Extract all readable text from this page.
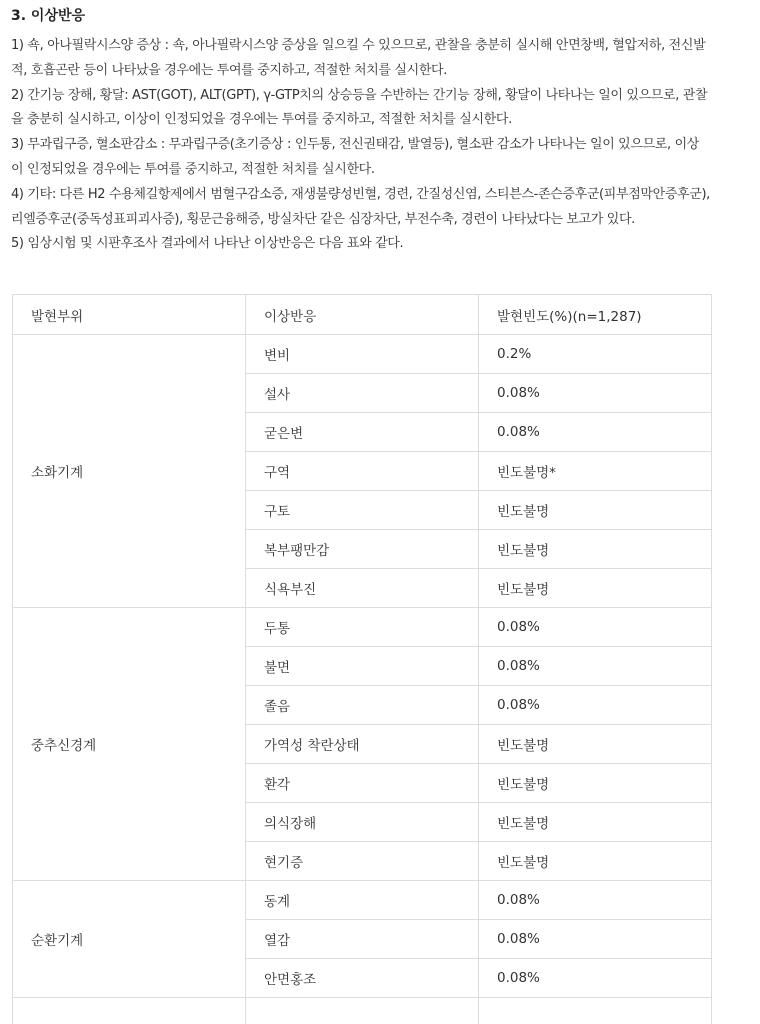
3. 이상반응

1) 쇽, 아나필락시스양 증상 : 쇽, 아나필락시스양 증상을 일으킬 수 있으므로, 관찰을 충분히 실시해 안면창백, 혈압저하, 전신발적, 호흡곤란 등이 나타났을 경우에는 투여를 중지하고, 적절한 처치를 실시한다.

2) 간기능 장해, 황달: AST(GOT), ALT(GPT), γ-GTP치의 상승등을 수반하는 간기능 장해, 황달이 나타나는 일이 있으므로, 관찰을 충분히 실시하고, 이상이 인정되었을 경우에는 투여를 중지하고, 적절한 처치를 실시한다.

3) 무과립구증, 혈소판감소 : 무과립구증(초기증상 : 인두통, 전신권태감, 발열등), 혈소판 감소가 나타나는 일이 있으므로, 이상이 인정되었을 경우에는 투여를 중지하고, 적절한 처치를 실시한다.

4) 기타: 다른 H2 수용체길항제에서 범혈구감소증, 재생불량성빈혈, 경련, 간질성신염, 스티븐스-존슨증후군(피부점막안증후군), 리엘증후군(중독성표피괴사증), 횡문근융해증, 방실차단 같은 심장차단, 부전수축, 경련이 나타났다는 보고가 있다.

5) 임상시험 및 시판후조사 결과에서 나타난 이상반응은 다음 표와 같다.

발현부위	이상반응	발현빈도(%)(n=1,287)
소화기계	변비	0.2%
	설사	0.08%
	굳은변	0.08%
	구역	빈도불명*
	구토	빈도불명
	복부팽만감	빈도불명
	식욕부진	빈도불명
중추신경계	두통	0.08%
	불면	0.08%
	졸음	0.08%
	가역성 착란상태	빈도불명
	환각	빈도불명
	의식장해	빈도불명
	현기증	빈도불명
순환기계	동계	0.08%
	열감	0.08%
	안면홍조	0.08%
